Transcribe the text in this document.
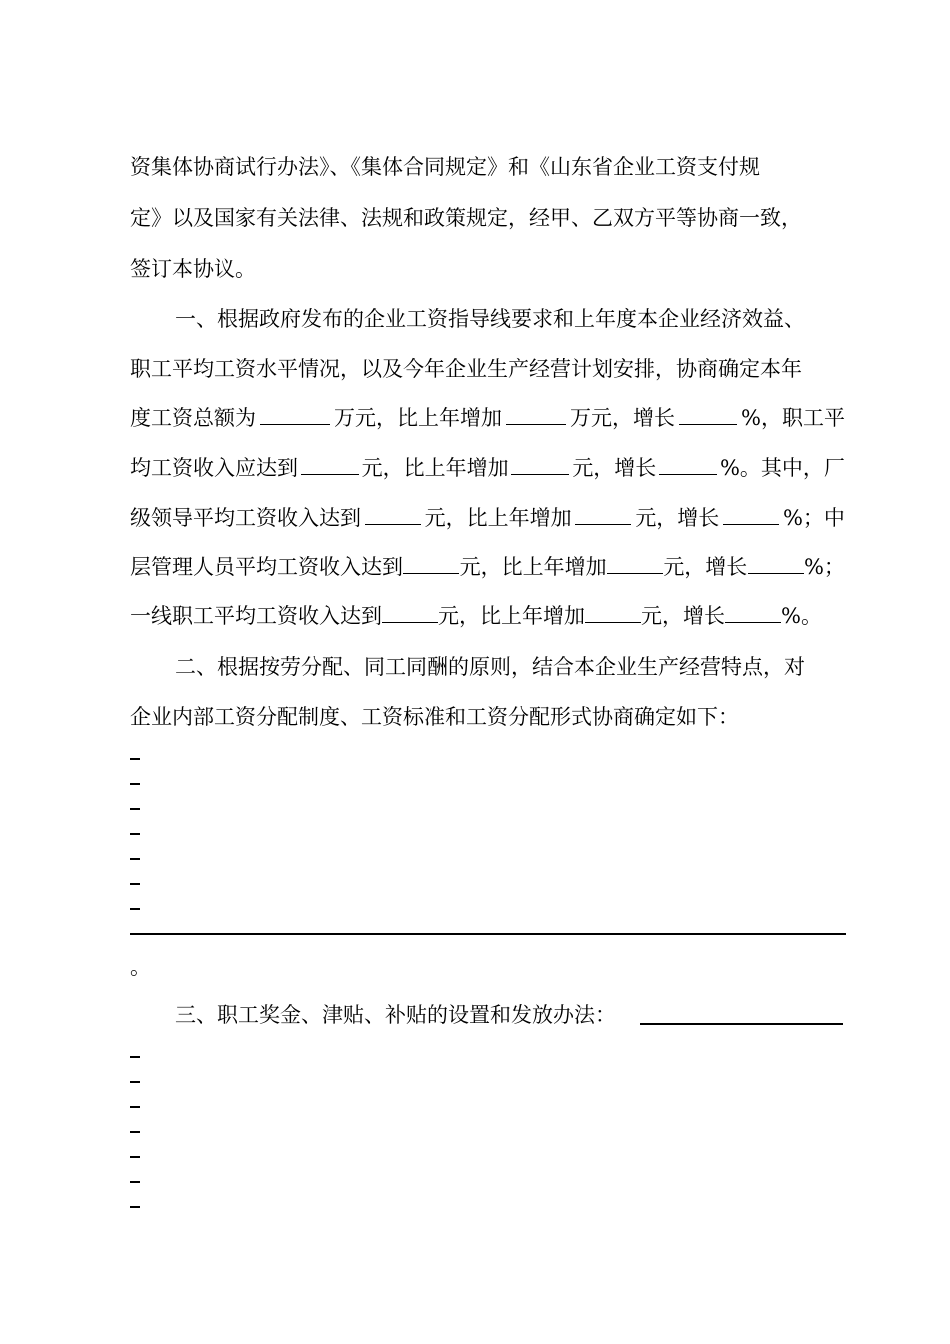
资集体协商试行办法》、《集体合同规定》和《山东省企业工资支付规
定》以及国家有关法律、法规和政策规定，经甲、乙双方平等协商一致，
签订本协议。
一、根据政府发布的企业工资指导线要求和上年度本企业经济效益、
职工平均工资水平情况，以及今年企业生产经营计划安排，协商确定本年
度工资总额为	万元，比上年增加	万元，增长	%，职工平
均工资收入应达到	元，比上年增加	元，增长	%。其中，厂
级领导平均工资收入达到	元，比上年增加	元，增长	%；中
层管理人员平均工资收入达到	元，比上年增加	元，增长	%；
一线职工平均工资收入达到	元，比上年增加	元，增长	%。
二、根据按劳分配、同工同酬的原则，结合本企业生产经营特点，对
企业内部工资分配制度、工资标准和工资分配形式协商确定如下：
。
三、职工奖金、津贴、补贴的设置和发放办法：
